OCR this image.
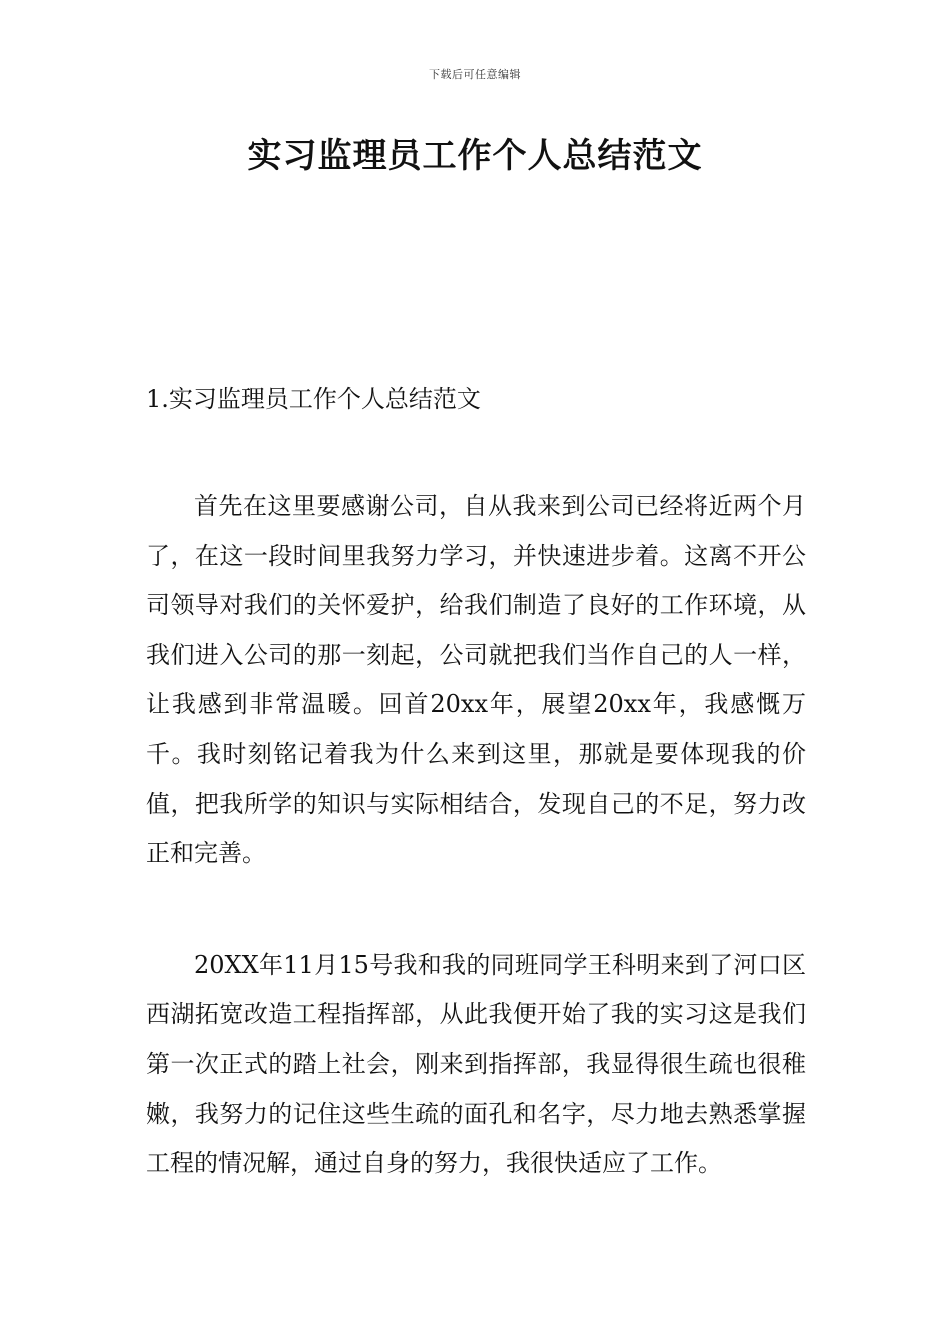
下载后可任意编辑
实习监理员工作个人总结范文

1.实习监理员工作个人总结范文

首先在这里要感谢公司，自从我来到公司已经将近两个月了，在这一段时间里我努力学习，并快速进步着。这离不开公司领导对我们的关怀爱护，给我们制造了良好的工作环境，从我们进入公司的那一刻起，公司就把我们当作自己的人一样，让我感到非常温暖。回首20xx年，展望20xx年，我感慨万千。我时刻铭记着我为什么来到这里，那就是要体现我的价值，把我所学的知识与实际相结合，发现自己的不足，努力改正和完善。

20XX年11月15号我和我的同班同学王科明来到了河口区西湖拓宽改造工程指挥部，从此我便开始了我的实习这是我们第一次正式的踏上社会，刚来到指挥部，我显得很生疏也很稚嫩，我努力的记住这些生疏的面孔和名字，尽力地去熟悉掌握工程的情况解，通过自身的努力，我很快适应了工作。
